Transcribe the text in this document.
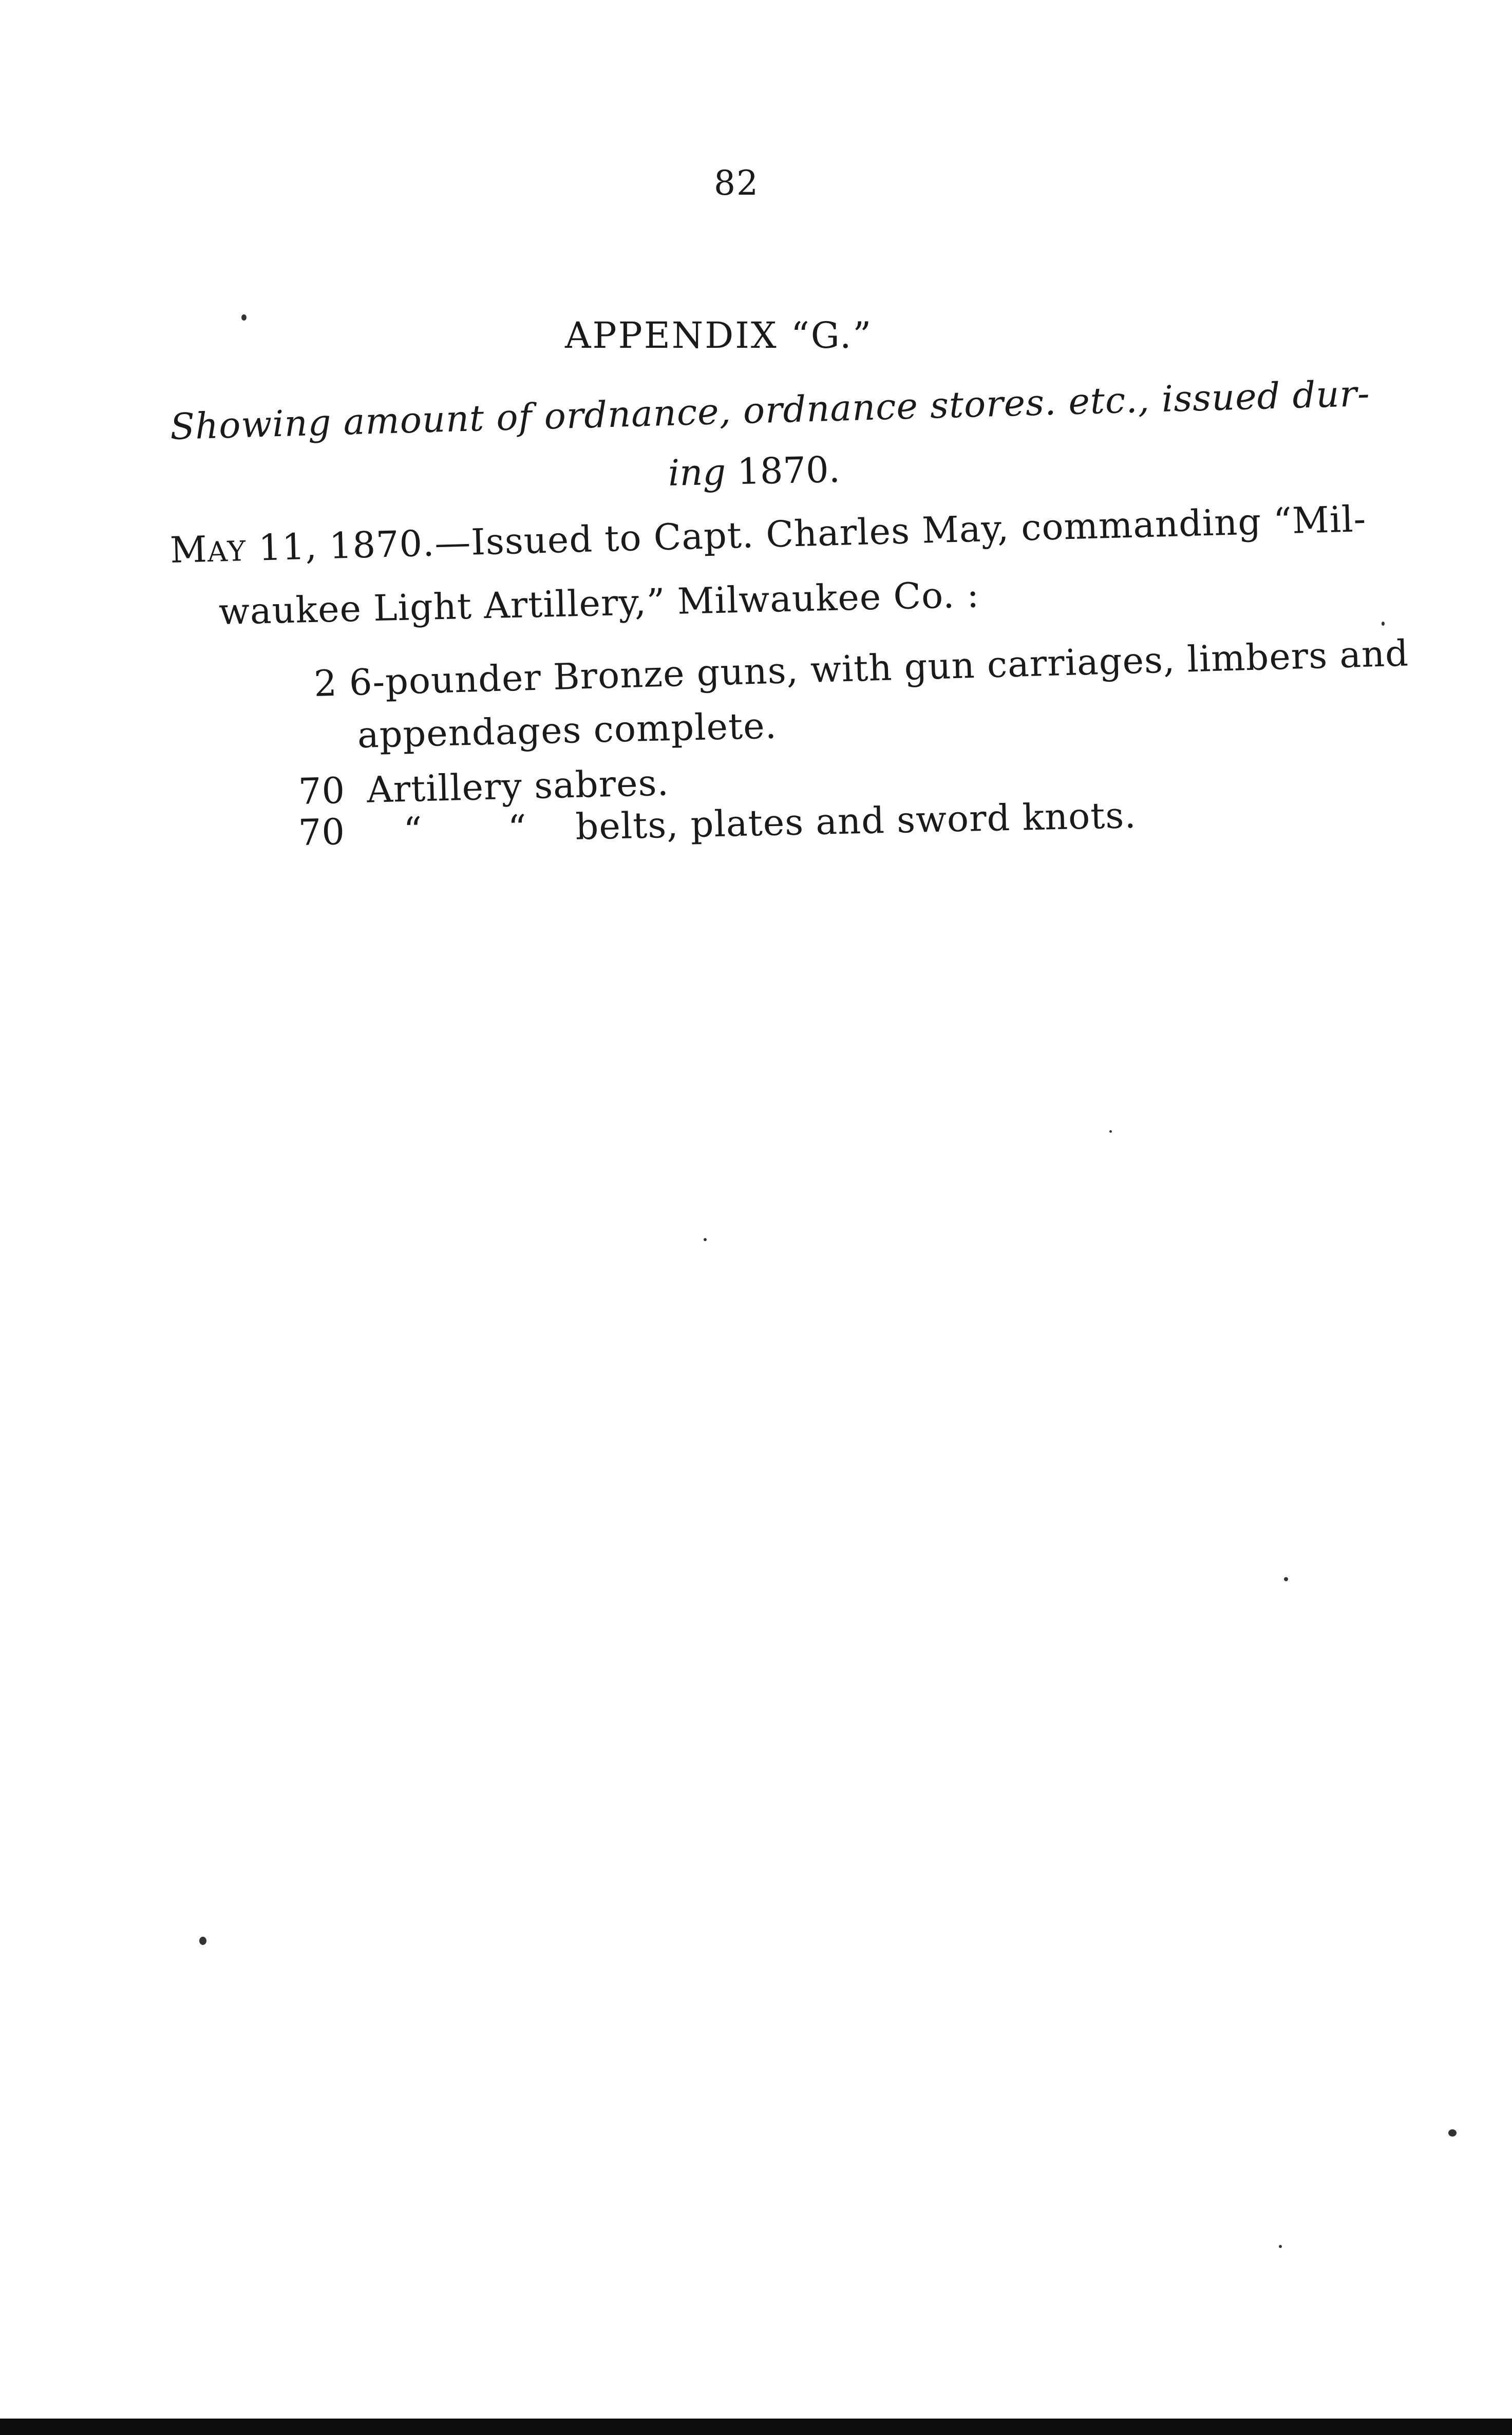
82
APPENDIX “G.”
Showing amount of ordnance, ordnance stores. etc., issued dur-
ing 1870.
MAY 11, 1870.—Issued to Capt. Charles May, commanding “Mil-
waukee Light Artillery,” Milwaukee Co. :
2 6-pounder Bronze guns, with gun carriages, limbers and
appendages complete.
70 Artillery sabres.
70 “ “ belts, plates and sword knots.
